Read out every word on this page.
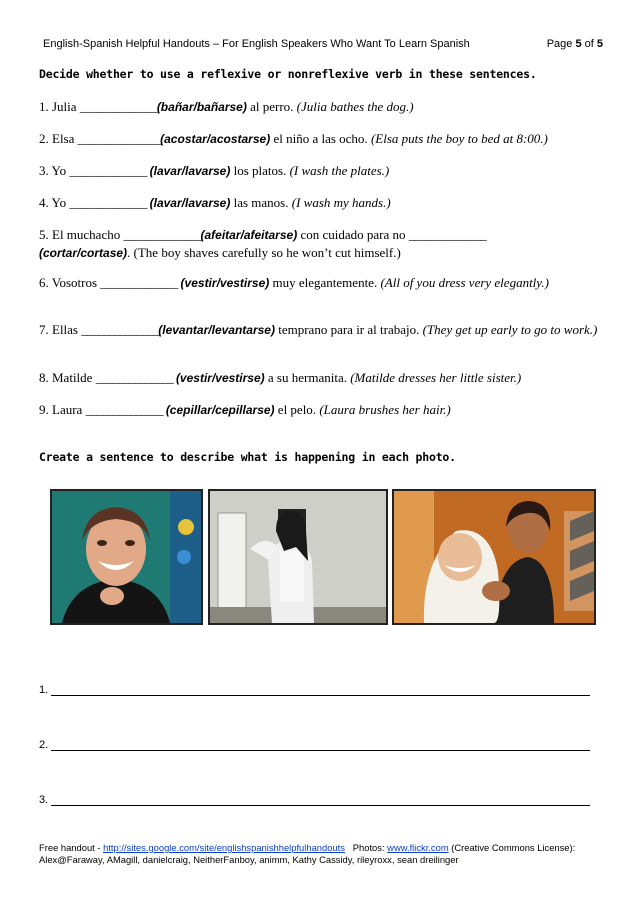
English-Spanish Helpful Handouts – For English Speakers Who Want To Learn Spanish	Page 5 of 5
Decide whether to use a reflexive or nonreflexive verb in these sentences.
1. Julia ______________(bañar/bañarse) al perro. (Julia bathes the dog.)
2. Elsa _______________(acostar/acostarse) el niño a las ocho. (Elsa puts the boy to bed at 8:00.)
3. Yo ______________ (lavar/lavarse) los platos. (I wash the plates.)
4. Yo ______________ (lavar/lavarse) las manos. (I wash my hands.)
5. El muchacho ______________(afeitar/afeitarse) con cuidado para no ______________
(cortar/cortase). (The boy shaves carefully so he won’t cut himself.)
6. Vosotros ______________ (vestir/vestirse) muy elegantemente. (All of you dress very elegantly.)
7. Ellas ______________(levantar/levantarse) temprano para ir al trabajo. (They get up early to go to work.)
8. Matilde ______________ (vestir/vestirse) a su hermanita. (Matilde dresses her little sister.)
9. Laura ______________ (cepillar/cepillarse) el pelo. (Laura brushes her hair.)
Create a sentence to describe what is happening in each photo.
1.
2.
3.
Free handout - http://sites.google.com/site/englishspanishhelpfulhandouts Photos: www.flickr.com (Creative Commons License):
Alex@Faraway, AMagill, danielcraig, NeitherFanboy, animm, Kathy Cassidy, rileyroxx, sean dreilinger
